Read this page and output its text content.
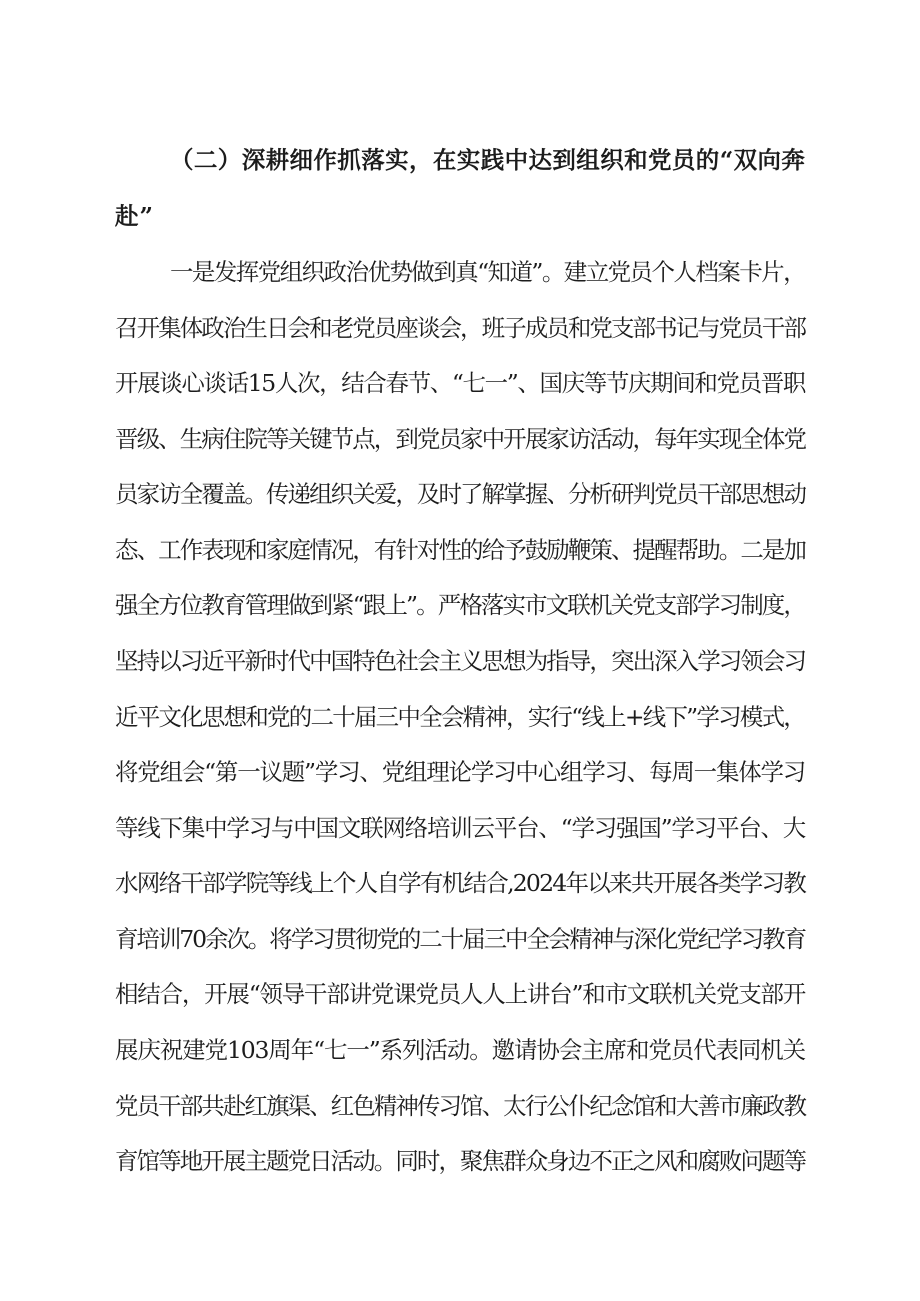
（二）深耕细作抓落实，在实践中达到组织和党员的“双向奔
赴”
一是发挥党组织政治优势做到真“知道”。建立党员个人档案卡片，
召开集体政治生日会和老党员座谈会，班子成员和党支部书记与党员干部
开展谈心谈话15人次，结合春节、“七一”、国庆等节庆期间和党员晋职
晋级、生病住院等关键节点，到党员家中开展家访活动，每年实现全体党
员家访全覆盖。传递组织关爱，及时了解掌握、分析研判党员干部思想动
态、工作表现和家庭情况，有针对性的给予鼓励鞭策、提醒帮助。二是加
强全方位教育管理做到紧“跟上”。严格落实市文联机关党支部学习制度，
坚持以习近平新时代中国特色社会主义思想为指导，突出深入学习领会习
近平文化思想和党的二十届三中全会精神，实行“线上+线下”学习模式，
将党组会“第一议题”学习、党组理论学习中心组学习、每周一集体学习
等线下集中学习与中国文联网络培训云平台、“学习强国”学习平台、大
水网络干部学院等线上个人自学有机结合,2024年以来共开展各类学习教
育培训70余次。将学习贯彻党的二十届三中全会精神与深化党纪学习教育
相结合，开展“领导干部讲党课党员人人上讲台”和市文联机关党支部开
展庆祝建党103周年“七一”系列活动。邀请协会主席和党员代表同机关
党员干部共赴红旗渠、红色精神传习馆、太行公仆纪念馆和大善市廉政教
育馆等地开展主题党日活动。同时，聚焦群众身边不正之风和腐败问题等
